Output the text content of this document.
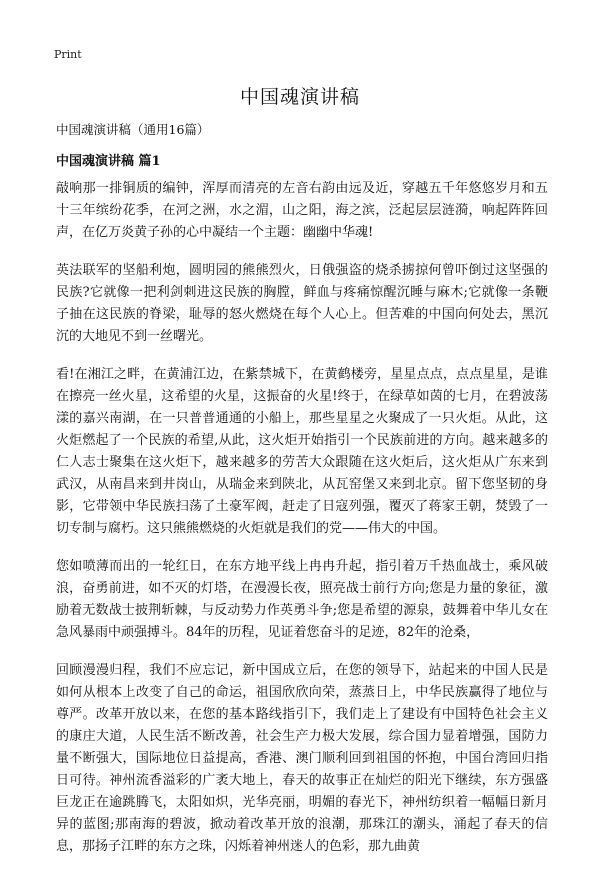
Print
中国魂演讲稿
中国魂演讲稿（通用16篇）
中国魂演讲稿 篇1

敲响那一排铜质的编钟，浑厚而清亮的左音右韵由远及近，穿越五千年悠悠岁月和五十三年缤纷花季，在河之洲，水之湄，山之阳，海之滨，泛起层层涟漪，响起阵阵回声，在亿万炎黄子孙的心中凝结一个主题：幽幽中华魂!

英法联军的坚船利炮，圆明园的熊熊烈火，日俄强盗的烧杀掳掠何曾吓倒过这坚强的民族?它就像一把利剑刺进这民族的胸膛，鲜血与疼痛惊醒沉睡与麻木;它就像一条鞭子抽在这民族的脊梁，耻辱的怒火燃烧在每个人心上。但苦难的中国向何处去，黑沉沉的大地见不到一丝曙光。

看!在湘江之畔，在黄浦江边，在紫禁城下，在黄鹤楼旁，星星点点，点点星星，是谁在擦亮一丝火星，这希望的火星，这振奋的火星!终于，在绿草如茵的七月，在碧波荡漾的嘉兴南湖，在一只普普通通的小船上，那些星星之火聚成了一只火炬。从此，这火炬燃起了一个民族的希望,从此，这火炬开始指引一个民族前进的方向。越来越多的仁人志士聚集在这火炬下，越来越多的劳苦大众跟随在这火炬后，这火炬从广东来到武汉，从南昌来到井岗山，从瑞金来到陕北，从瓦窑堡又来到北京。留下您坚韧的身影，它带领中华民族扫荡了土豪军阀，赶走了日寇列强，覆灭了蒋家王朝，焚毁了一切专制与腐朽。这只熊熊燃烧的火炬就是我们的党——伟大的中国。

您如喷薄而出的一轮红日，在东方地平线上冉冉升起，指引着万千热血战士，乘风破浪，奋勇前进，如不灭的灯塔，在漫漫长夜，照亮战士前行方向;您是力量的象征，激励着无数战士披荆斩棘，与反动势力作英勇斗争;您是希望的源泉，鼓舞着中华儿女在急风暴雨中顽强搏斗。84年的历程，见证着您奋斗的足迹，82年的沧桑，

回顾漫漫归程，我们不应忘记，新中国成立后，在您的领导下，站起来的中国人民是如何从根本上改变了自己的命运，祖国欣欣向荣，蒸蒸日上，中华民族赢得了地位与尊严。改革开放以来，在您的基本路线指引下，我们走上了建设有中国特色社会主义的康庄大道，人民生活不断改善，社会生产力极大发展，综合国力显着增强，国防力量不断强大，国际地位日益提高，香港、澳门顺利回到祖国的怀抱，中国台湾回归指日可待。神州流香溢彩的广袤大地上，春天的故事正在灿烂的阳光下继续，东方强盛巨龙正在逾跳腾飞，太阳如炽，光华亮丽，明媚的春光下，神州纺织着一幅幅日新月异的蓝图;那南海的碧波，掀动着改革开放的浪潮，那珠江的潮头，涌起了春天的信息，那扬子江畔的东方之珠，闪烁着神州迷人的色彩，那九曲黄
